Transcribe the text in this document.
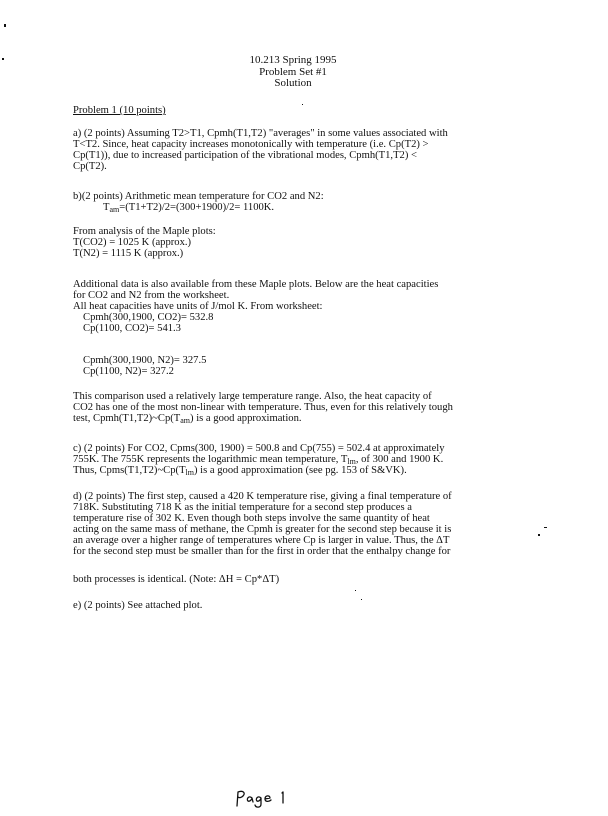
10.213 Spring 1995
Problem Set #1
Solution
Problem 1 (10 points)
a) (2 points) Assuming T2>T1, Cpmh(T1,T2) "averages" in some values associated with
T<T2. Since, heat capacity increases monotonically with temperature (i.e. Cp(T2) >
Cp(T1)), due to increased participation of the vibrational modes, Cpmh(T1,T2) <
Cp(T2).
b)(2 points) Arithmetic mean temperature for CO2 and N2:
$T_{am}=(T1+T2)/2=(300+1900)/2= 1100K$.
From analysis of the Maple plots:
T(CO2) = 1025 K (approx.)
T(N2) = 1115 K (approx.)
Additional data is also available from these Maple plots. Below are the heat capacities
for CO2 and N2 from the worksheet.
All heat capacities have units of J/mol K. From worksheet:
Cpmh(300,1900, CO2)= 532.8
Cp(1100, CO2)= 541.3
Cpmh(300,1900, N2)= 327.5
Cp(1100, N2)= 327.2
This comparison used a relatively large temperature range. Also, the heat capacity of
CO2 has one of the most non-linear with temperature. Thus, even for this relatively tough
test, $Cpmh(T1,T2)\sim Cp(T_{am})$ is a good approximation.
c) (2 points) For CO2, Cpms(300, 1900) = 500.8 and Cp(755) = 502.4 at approximately
755K. The 755K represents the logarithmic mean temperature, $T_{lm}$, of 300 and 1900 K.
Thus, $Cpms(T1,T2)\sim Cp(T_{lm})$ is a good approximation (see pg. 153 of S&VK).
d) (2 points) The first step, caused a 420 K temperature rise, giving a final temperature of
718K. Substituting 718 K as the initial temperature for a second step produces a
temperature rise of 302 K. Even though both steps involve the same quantity of heat
acting on the same mass of methane, the Cpmh is greater for the second step because it is
an average over a higher range of temperatures where Cp is larger in value. Thus, the ΔT
for the second step must be smaller than for the first in order that the enthalpy change for
both processes is identical. (Note: ΔH = Cp*ΔT)
e) (2 points) See attached plot.
